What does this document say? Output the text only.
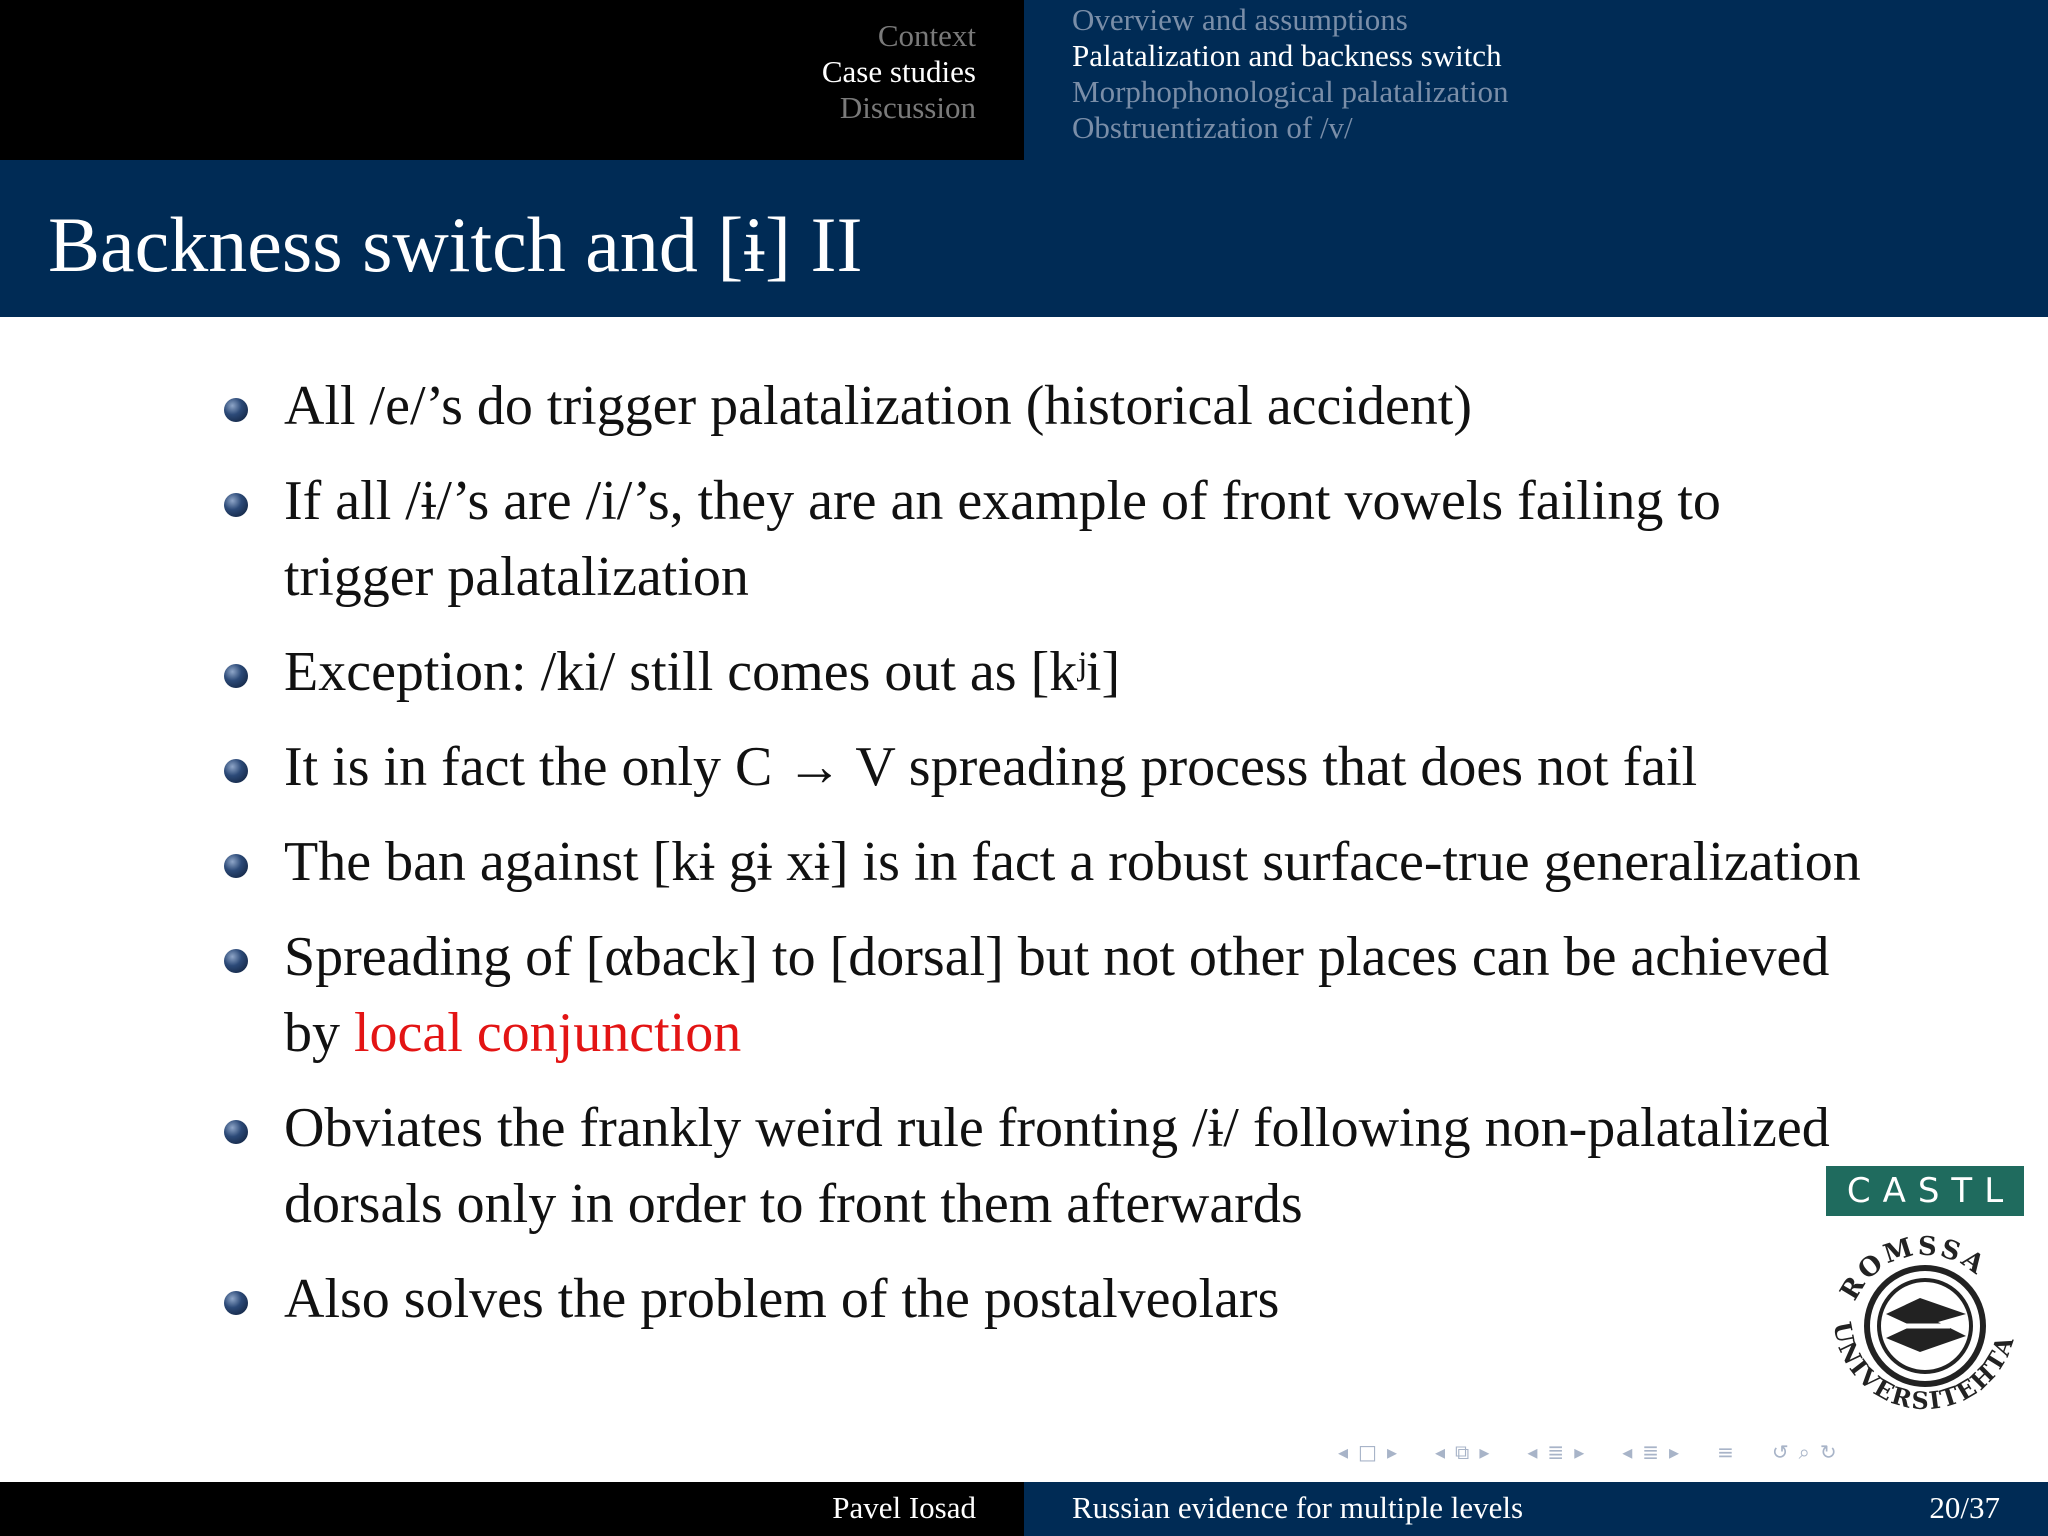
Context
Case studies
Discussion
Overview and assumptions
Palatalization and backness switch
Morphophonological palatalization
Obstruentization of /v/
Backness switch and [ɨ] II
All /e/’s do trigger palatalization (historical accident)
If all /ɨ/’s are /i/’s, they are an example of front vowels failing to trigger palatalization
Exception: /ki/ still comes out as [kʲi]
It is in fact the only C → V spreading process that does not fail
The ban against [kɨ gɨ xɨ] is in fact a robust surface-true generalization
Spreading of [αback] to [dorsal] but not other places can be achieved by local conjunction
Obviates the frankly weird rule fronting /ɨ/ following non-palatalized dorsals only in order to front them afterwards
Also solves the problem of the postalveolars
CASTL
ROMSSA
UNIVERSITEHTA
◂ □ ▸ ◂ ⧉ ▸ ◂ ≣ ▸ ◂ ≣ ▸ ≡ ↺ ⌕ ↻
Pavel Iosad	Russian evidence for multiple levels	20/37
